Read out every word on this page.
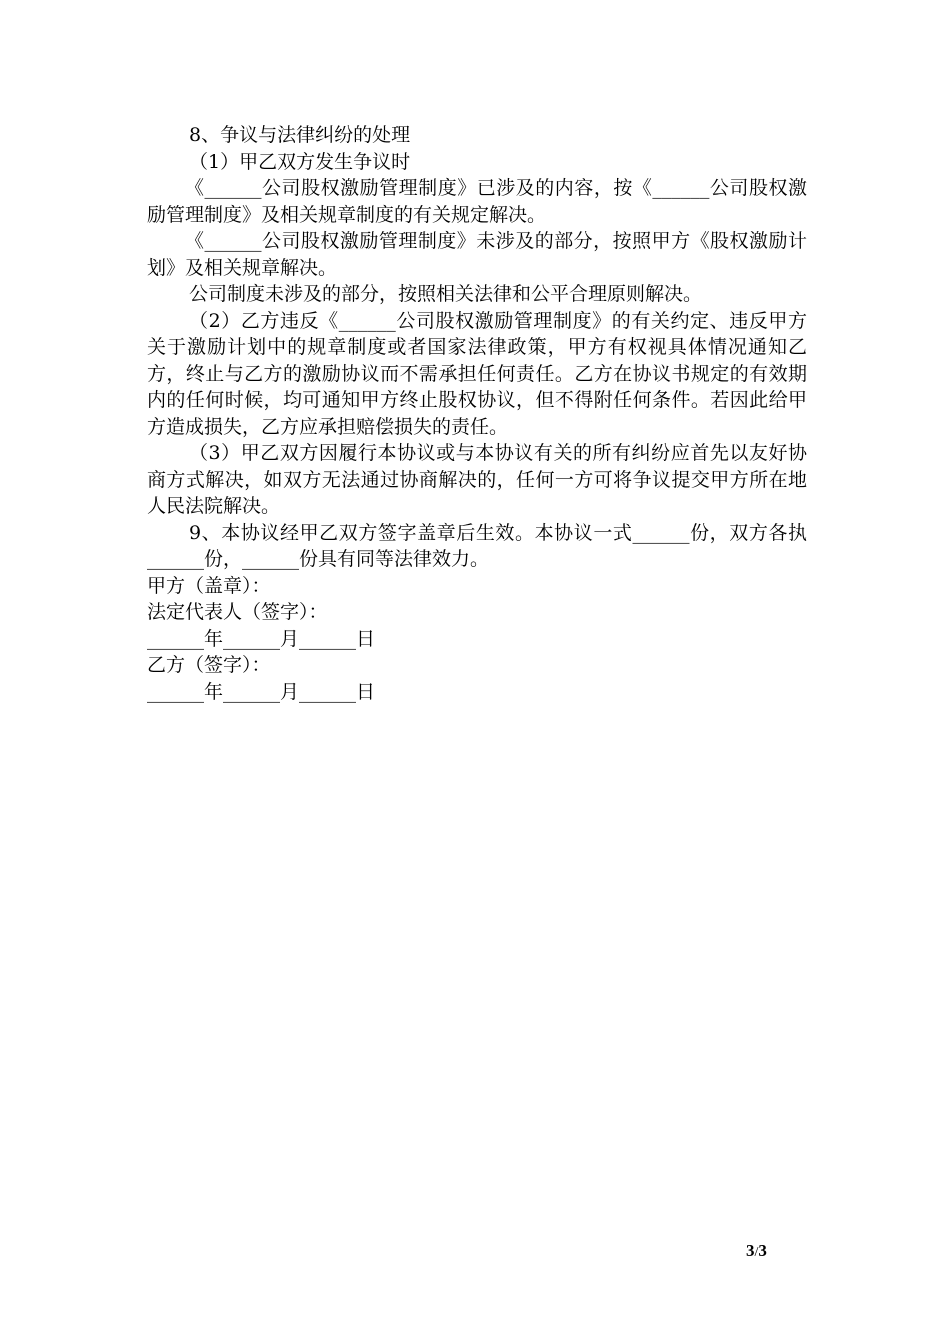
8、争议与法律纠纷的处理

（1）甲乙双方发生争议时

《______公司股权激励管理制度》已涉及的内容，按《______公司股权激励管理制度》及相关规章制度的有关规定解决。

《______公司股权激励管理制度》未涉及的部分，按照甲方《股权激励计划》及相关规章解决。

公司制度未涉及的部分，按照相关法律和公平合理原则解决。

（2）乙方违反《______公司股权激励管理制度》的有关约定、违反甲方关于激励计划中的规章制度或者国家法律政策，甲方有权视具体情况通知乙方，终止与乙方的激励协议而不需承担任何责任。乙方在协议书规定的有效期内的任何时候，均可通知甲方终止股权协议，但不得附任何条件。若因此给甲方造成损失，乙方应承担赔偿损失的责任。

（3）甲乙双方因履行本协议或与本协议有关的所有纠纷应首先以友好协商方式解决，如双方无法通过协商解决的，任何一方可将争议提交甲方所在地人民法院解决。

9、本协议经甲乙双方签字盖章后生效。本协议一式______份，双方各执______份，______份具有同等法律效力。

甲方（盖章）：

法定代表人（签字）：

______年______月______日

乙方（签字）：

______年______月______日

3/3
